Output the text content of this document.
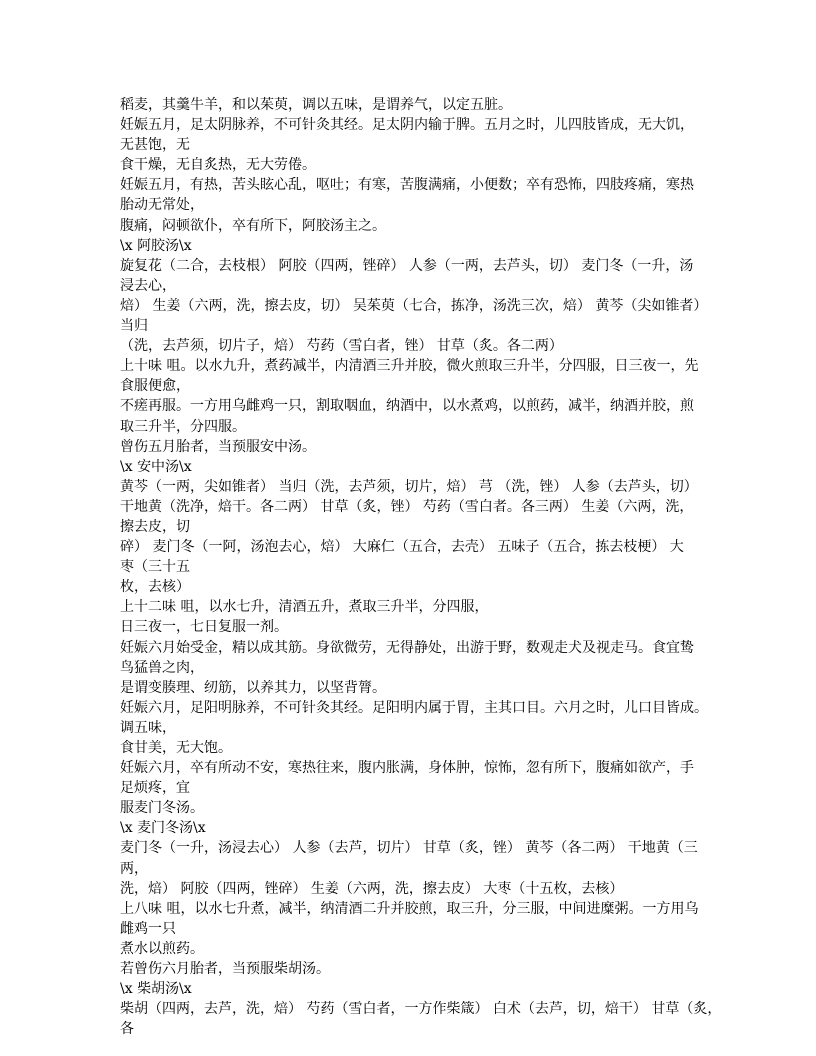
稻麦，其羹牛羊，和以茱萸，调以五味，是谓养气，以定五脏。
妊娠五月，足太阴脉养，不可针灸其经。足太阴内输于脾。五月之时，儿四肢皆成，无大饥，
无甚饱，无
食干燥，无自炙热，无大劳倦。
妊娠五月，有热，苦头眩心乱，呕吐；有寒，苦腹满痛，小便数；卒有恐怖，四肢疼痛，寒热
胎动无常处，
腹痛，闷顿欲仆，卒有所下，阿胶汤主之。
\x 阿胶汤\x
旋复花（二合，去枝根） 阿胶（四两，锉碎） 人参（一两，去芦头，切） 麦门冬（一升，汤
浸去心，
焙） 生姜（六两，洗，擦去皮，切） 吴茱萸（七合，拣净，汤洗三次，焙） 黄芩（尖如锥者）
当归
（洗，去芦须，切片子，焙） 芍药（雪白者，锉） 甘草（炙。各二两）
上十味 咀。以水九升，煮药减半，内清酒三升并胶，微火煎取三升半，分四服，日三夜一，先
食服便愈，
不瘥再服。一方用乌雌鸡一只，割取咽血，纳酒中，以水煮鸡，以煎药，减半，纳酒并胶，煎
取三升半，分四服。
曾伤五月胎者，当预服安中汤。
\x 安中汤\x
黄芩（一两，尖如锥者） 当归（洗，去芦须，切片，焙） 芎 （洗，锉） 人参（去芦头，切）
干地黄（洗净，焙干。各二两） 甘草（炙，锉） 芍药（雪白者。各三两） 生姜（六两，洗，
擦去皮，切
碎） 麦门冬（一阿，汤泡去心，焙） 大麻仁（五合，去壳） 五味子（五合，拣去枝梗） 大
枣（三十五
枚，去核）
上十二味 咀，以水七升，清酒五升，煮取三升半，分四服，
日三夜一，七日复服一剂。
妊娠六月始受金，精以成其筋。身欲微劳，无得静处，出游于野，数观走犬及视走马。食宜鸷
鸟猛兽之肉，
是谓变腠理、纫筋，以养其力，以坚背膂。
妊娠六月，足阳明脉养，不可针灸其经。足阳明内属于胃，主其口目。六月之时，儿口目皆成。
调五味，
食甘美，无大饱。
妊娠六月，卒有所动不安，寒热往来，腹内胀满，身体肿，惊怖，忽有所下，腹痛如欲产，手
足烦疼，宜
服麦门冬汤。
\x 麦门冬汤\x
麦门冬（一升，汤浸去心） 人参（去芦，切片） 甘草（炙，锉） 黄芩（各二两） 干地黄（三
两，
洗，焙） 阿胶（四两，锉碎） 生姜（六两，洗，擦去皮） 大枣（十五枚，去核）
上八味 咀，以水七升煮，减半，纳清酒二升并胶煎，取三升，分三服，中间进糜粥。一方用乌
雌鸡一只
煮水以煎药。
若曾伤六月胎者，当预服柴胡汤。
\x 柴胡汤\x
柴胡（四两，去芦，洗，焙） 芍药（雪白者，一方作柴箴） 白术（去芦，切，焙干） 甘草（炙，
各
